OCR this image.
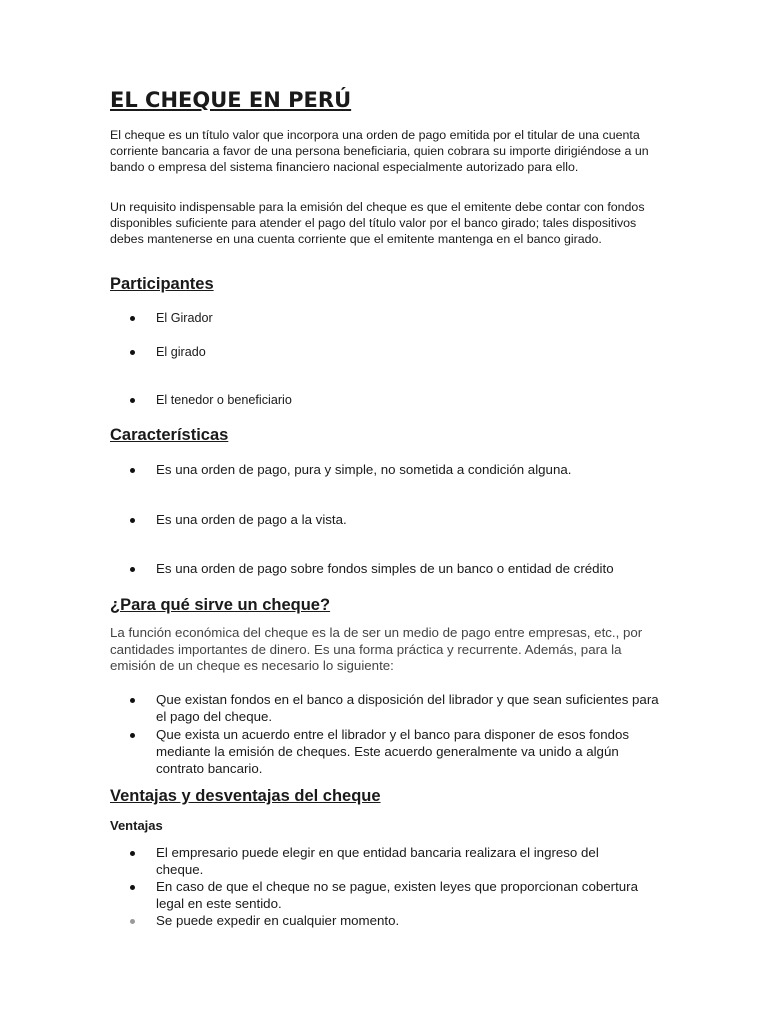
EL CHEQUE EN PERÚ

El cheque es un título valor que incorpora una orden de pago emitida por el titular de una cuenta corriente bancaria a favor de una persona beneficiaria, quien cobrara su importe dirigiéndose a un bando o empresa del sistema financiero nacional especialmente autorizado para ello.

Un requisito indispensable para la emisión del cheque es que el emitente debe contar con fondos disponibles suficiente para atender el pago del título valor por el banco girado; tales dispositivos debes mantenerse en una cuenta corriente que el emitente mantenga en el banco girado.

Participantes
El Girador
El girado
El tenedor o beneficiario
Características
Es una orden de pago, pura y simple, no sometida a condición alguna.
Es una orden de pago a la vista.
Es una orden de pago sobre fondos simples de un banco o entidad de crédito
¿Para qué sirve un cheque?

La función económica del cheque es la de ser un medio de pago entre empresas, etc., por cantidades importantes de dinero. Es una forma práctica y recurrente. Además, para la emisión de un cheque es necesario lo siguiente:

Que existan fondos en el banco a disposición del librador y que sean suficientes para el pago del cheque.
Que exista un acuerdo entre el librador y el banco para disponer de esos fondos mediante la emisión de cheques. Este acuerdo generalmente va unido a algún contrato bancario.
Ventajas y desventajas del cheque
Ventajas
El empresario puede elegir en que entidad bancaria realizara el ingreso del cheque.
En caso de que el cheque no se pague, existen leyes que proporcionan cobertura legal en este sentido.
Se puede expedir en cualquier momento.
